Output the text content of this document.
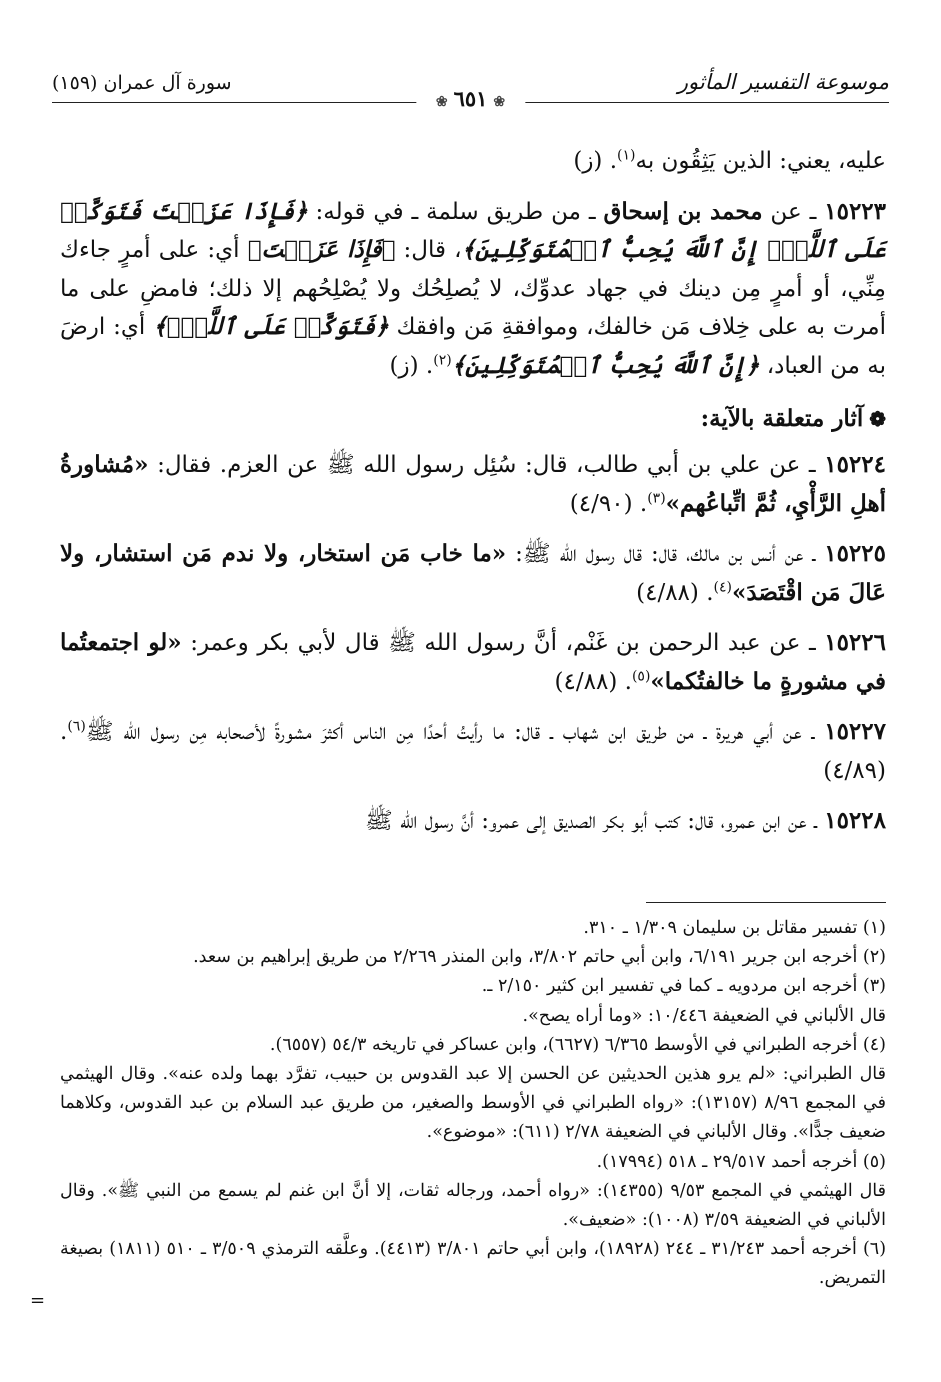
موسوعة التفسير المأثور
سورة آل عمران (١٥٩)
❀٦٥١❀

عليه، يعني: الذين يَثِقُون به$^{(١)}$. (ز)

١٥٢٢٣ ـ عن محمد بن إسحاق ـ من طريق سلمة ـ في قوله: ﴿فَإِذَا عَزَمۡتَ فَتَوَكَّلۡ عَلَى ٱللَّهِۚ إِنَّ ٱللَّهَ يُحِبُّ ٱلۡمُتَوَكِّلِينَ﴾، قال: ﴿فَإِذَا عَزَمۡتَ﴾ أي: على أمرٍ جاءك مِنِّي، أو أمرٍ مِن دينك في جهاد عدوِّك، لا يُصلِحُك ولا يُصْلِحُهم إلا ذلك؛ فامضِ على ما أمرت به على خِلاف مَن خالفك، وموافقةِ مَن وافقك ﴿فَتَوَكَّلۡ عَلَى ٱللَّهِۚ﴾ أي: ارضَ به من العباد، ﴿إِنَّ ٱللَّهَ يُحِبُّ ٱلۡمُتَوَكِّلِينَ﴾$^{(٢)}$. (ز)

❁آثار متعلقة بالآية:

١٥٢٢٤ ـ عن علي بن أبي طالب، قال: سُئِل رسول الله ﷺ عن العزم. فقال: «مُشاورةُ أهلِ الرَّأْيِ، ثُمَّ اتِّباعُهم»$^{(٣)}$. (٤/٩٠)

١٥٢٢٥ ـ عن أنس بن مالك، قال: قال رسول الله ﷺ: «ما خاب مَن استخار، ولا ندم مَن استشار، ولا عَالَ مَن اقْتَصَدَ»$^{(٤)}$. (٤/٨٨)

١٥٢٢٦ ـ عن عبد الرحمن بن غَنْم، أنَّ رسول الله ﷺ قال لأبي بكر وعمر: «لو اجتمعتُما في مشورةٍ ما خالفتُكما»$^{(٥)}$. (٤/٨٨)

١٥٢٢٧ ـ عن أبي هريرة ـ من طريق ابن شهاب ـ قال: ما رأيتُ أحدًا مِن الناس أكثرَ مشورةً لأصحابه مِن رسول الله ﷺ$^{(٦)}$. (٤/٨٩)

١٥٢٢٨ ـ عن ابن عمرو، قال: كتب أبو بكر الصديق إلى عمرو: أنَّ رسول الله ﷺ

(١) تفسير مقاتل بن سليمان ١/٣٠٩ ـ ٣١٠.

(٢) أخرجه ابن جرير ٦/١٩١، وابن أبي حاتم ٣/٨٠٢، وابن المنذر ٢/٢٦٩ من طريق إبراهيم بن سعد.

(٣) أخرجه ابن مردويه ـ كما في تفسير ابن كثير ٢/١٥٠ ـ.

قال الألباني في الضعيفة ١٠/٤٤٦: «وما أراه يصح».

(٤) أخرجه الطبراني في الأوسط ٦/٣٦٥ (٦٦٢٧)، وابن عساكر في تاريخه ٥٤/٣ (٦٥٥٧).

قال الطبراني: «لم يرو هذين الحديثين عن الحسن إلا عبد القدوس بن حبيب، تفرَّد بهما ولده عنه». وقال الهيثمي في المجمع ٨/٩٦ (١٣١٥٧): «رواه الطبراني في الأوسط والصغير، من طريق عبد السلام بن عبد القدوس، وكلاهما ضعيف جدًّا». وقال الألباني في الضعيفة ٢/٧٨ (٦١١): «موضوع».

(٥) أخرجه أحمد ٢٩/٥١٧ ـ ٥١٨ (١٧٩٩٤).

قال الهيثمي في المجمع ٩/٥٣ (١٤٣٥٥): «رواه أحمد، ورجاله ثقات، إلا أنَّ ابن غنم لم يسمع من النبي ﷺ». وقال الألباني في الضعيفة ٣/٥٩ (١٠٠٨): «ضعيف».

(٦) أخرجه أحمد ٣١/٢٤٣ ـ ٢٤٤ (١٨٩٢٨)، وابن أبي حاتم ٣/٨٠١ (٤٤١٣). وعلَّقه الترمذي ٣/٥٠٩ ـ ٥١٠ (١٨١١) بصيغة التمريض.

=
